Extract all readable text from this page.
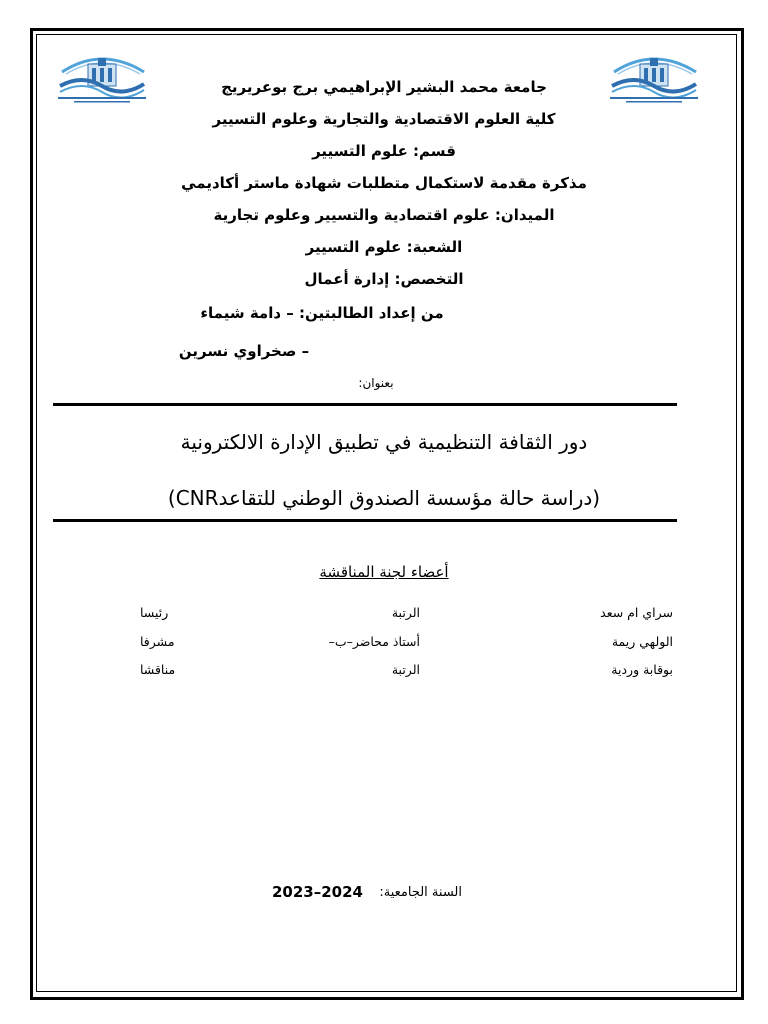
جامعة محمد البشير الإبراهيمي برج بوعريريج
كلية العلوم الاقتصادية والتجارية وعلوم التسيير
قسم: علوم التسيير
مذكرة مقدمة لاستكمال متطلبات شهادة ماستر أكاديمي
الميدان: علوم اقتصادية والتسيير وعلوم تجارية
الشعبة: علوم التسيير
التخصص: إدارة أعمال
من إعداد الطالبتين: – دامة شيماء
– صخراوي نسرين
بعنوان:
دور الثقافة التنظيمية في تطبيق الإدارة الالكترونية
(دراسة حالة مؤسسة الصندوق الوطني للتقاعدCNR)
أعضاء لجنة المناقشة
سراي ام سعد
الرتبة
رئيسا
الولهي ريمة
أستاذ محاضر–ب–
مشرفا
بوقابة وردية
الرتبة
مناقشا
السنة الجامعية:
2023–2024
